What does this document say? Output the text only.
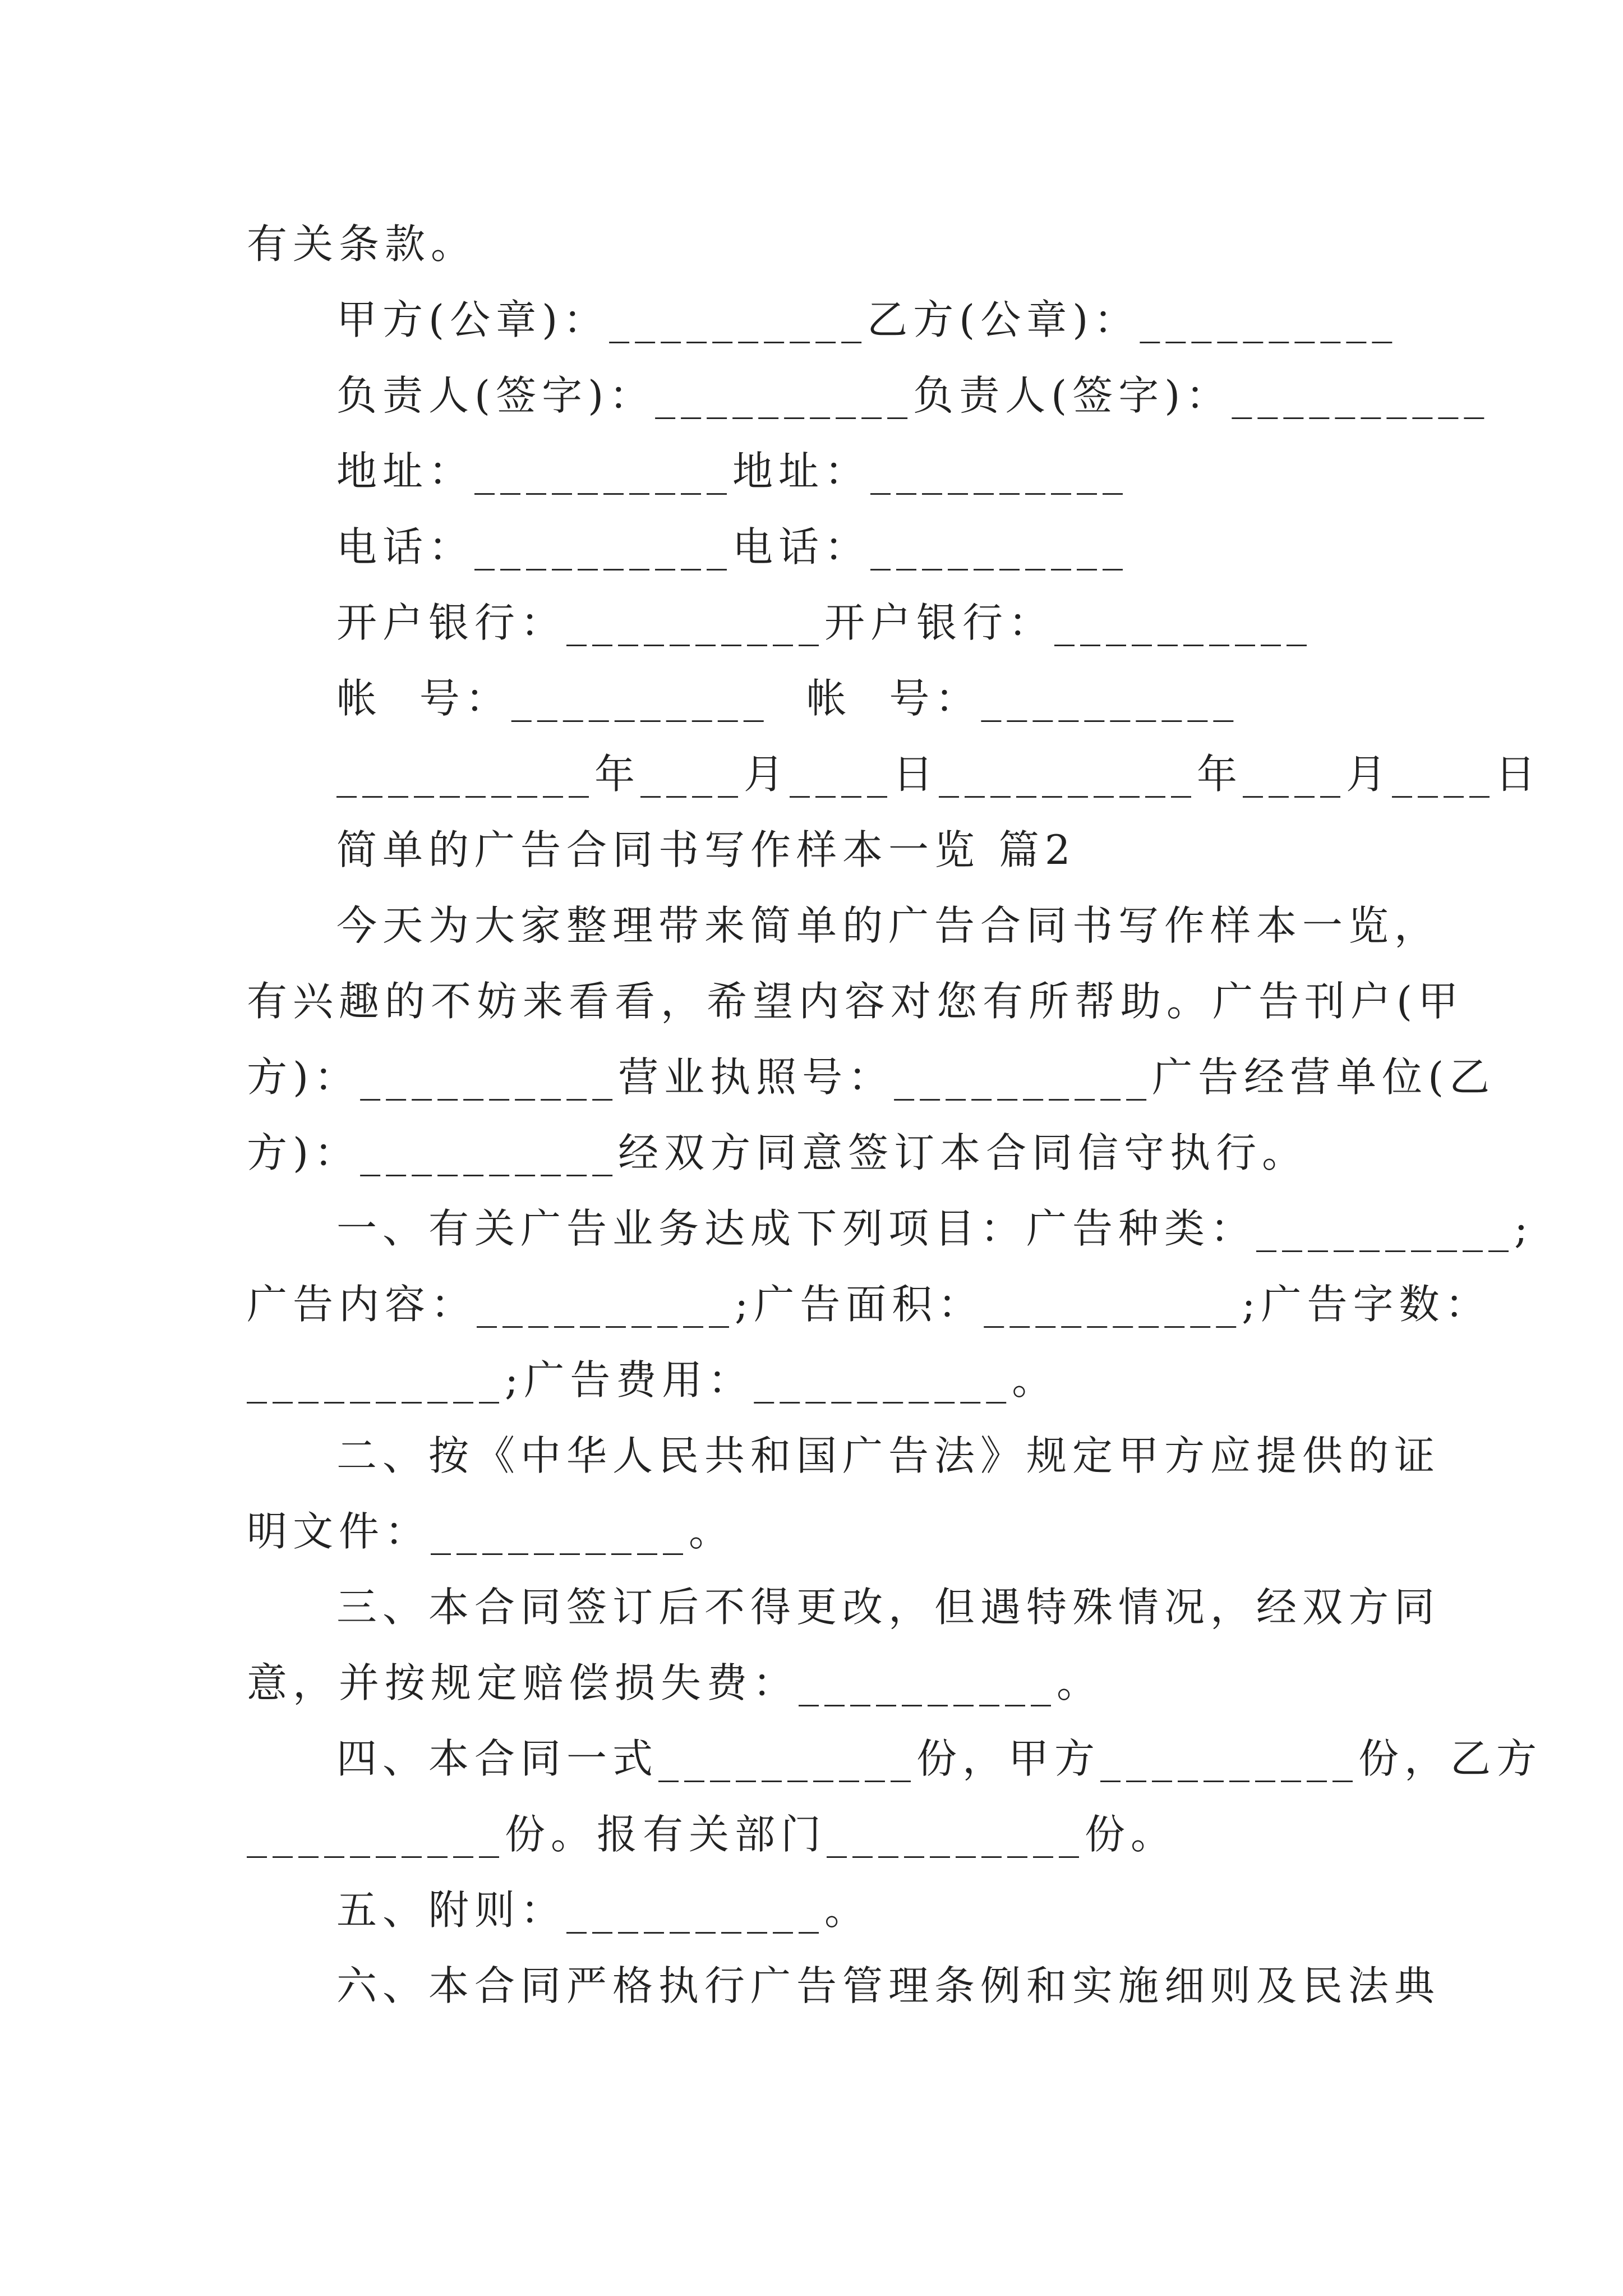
有关条款。
甲方(公章)：__________乙方(公章)：__________
负责人(签字)：__________负责人(签字)：__________
地址：__________地址：__________
电话：__________电话：__________
开户银行：__________开户银行：__________
帐  号：__________  帐  号：__________
__________年____月____日__________年____月____日
简单的广告合同书写作样本一览 篇2
今天为大家整理带来简单的广告合同书写作样本一览，
有兴趣的不妨来看看，希望内容对您有所帮助。广告刊户(甲
方)：__________营业执照号：__________广告经营单位(乙
方)：__________经双方同意签订本合同信守执行。
一、有关广告业务达成下列项目：广告种类：__________;
广告内容：__________;广告面积：__________;广告字数：
__________;广告费用：__________。
二、按《中华人民共和国广告法》规定甲方应提供的证
明文件：__________。
三、本合同签订后不得更改，但遇特殊情况，经双方同
意，并按规定赔偿损失费：__________。
四、本合同一式__________份，甲方__________份，乙方
__________份。报有关部门__________份。
五、附则：__________。
六、本合同严格执行广告管理条例和实施细则及民法典
